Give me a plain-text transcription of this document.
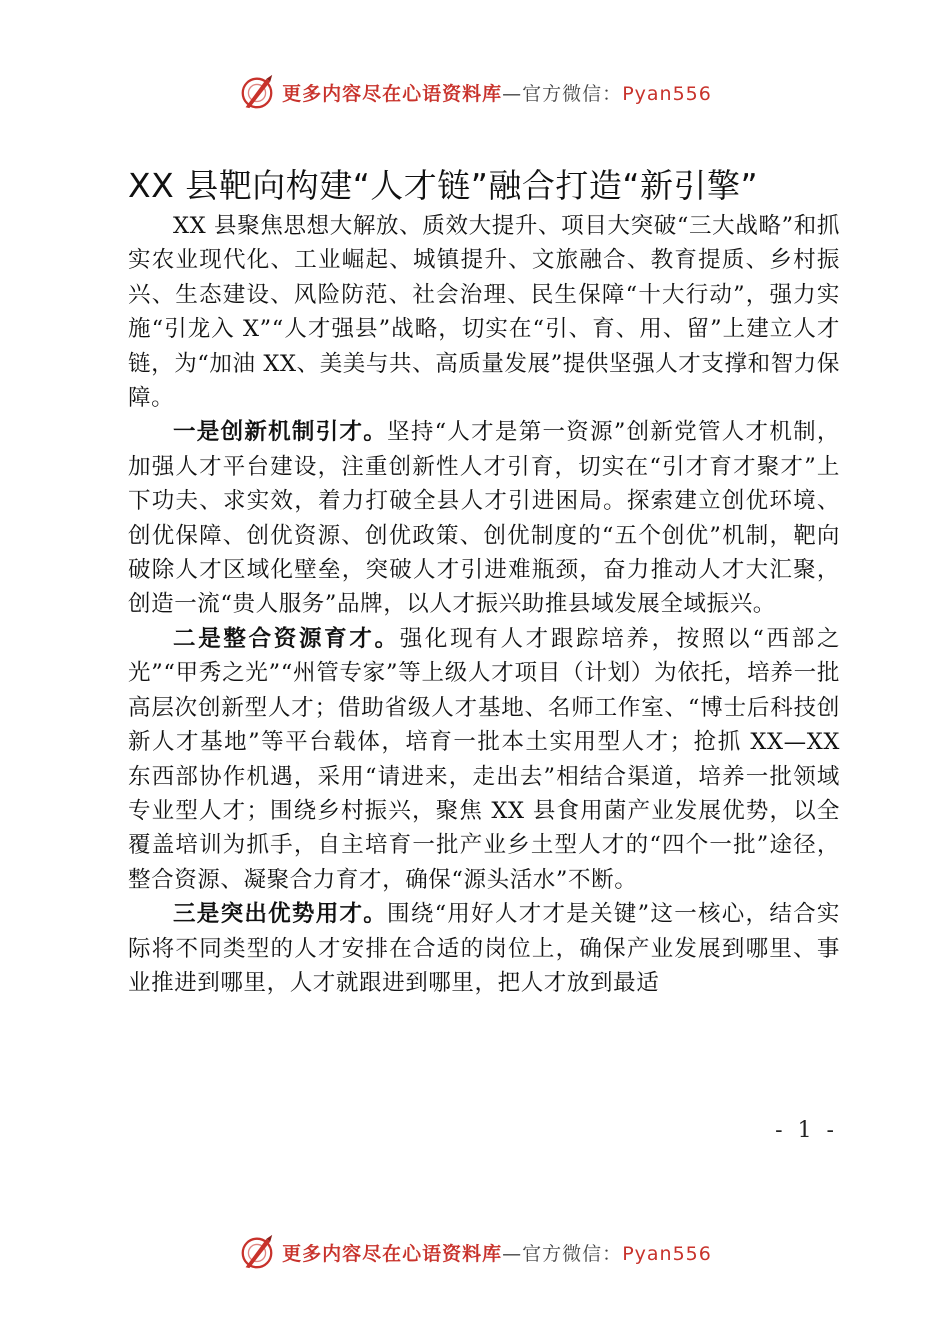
更多内容尽在心语资料库—官方微信：Pyan556
XX 县靶向构建“人才链”融合打造“新引擎”

XX 县聚焦思想大解放、质效大提升、项目大突破“三大战略”和抓实农业现代化、工业崛起、城镇提升、文旅融合、教育提质、乡村振兴、生态建设、风险防范、社会治理、民生保障“十大行动”，强力实施“引龙入 X”“人才强县”战略，切实在“引、育、用、留”上建立人才链，为“加油 XX、美美与共、高质量发展”提供坚强人才支撑和智力保障。

一是创新机制引才。坚持“人才是第一资源”创新党管人才机制，加强人才平台建设，注重创新性人才引育，切实在“引才育才聚才”上下功夫、求实效，着力打破全县人才引进困局。探索建立创优环境、创优保障、创优资源、创优政策、创优制度的“五个创优”机制，靶向破除人才区域化壁垒，突破人才引进难瓶颈，奋力推动人才大汇聚，创造一流“贵人服务”品牌，以人才振兴助推县域发展全域振兴。

二是整合资源育才。强化现有人才跟踪培养，按照以“西部之光”“甲秀之光”“州管专家”等上级人才项目（计划）为依托，培养一批高层次创新型人才；借助省级人才基地、名师工作室、“博士后科技创新人才基地”等平台载体，培育一批本土实用型人才；抢抓 XX—XX 东西部协作机遇，采用“请进来，走出去”相结合渠道，培养一批领域专业型人才；围绕乡村振兴，聚焦 XX 县食用菌产业发展优势，以全覆盖培训为抓手，自主培育一批产业乡土型人才的“四个一批”途径，整合资源、凝聚合力育才，确保“源头活水”不断。

三是突出优势用才。围绕“用好人才才是关键”这一核心，结合实际将不同类型的人才安排在合适的岗位上，确保产业发展到哪里、事业推进到哪里，人才就跟进到哪里，把人才放到最适

- 1 -
更多内容尽在心语资料库—官方微信：Pyan556
